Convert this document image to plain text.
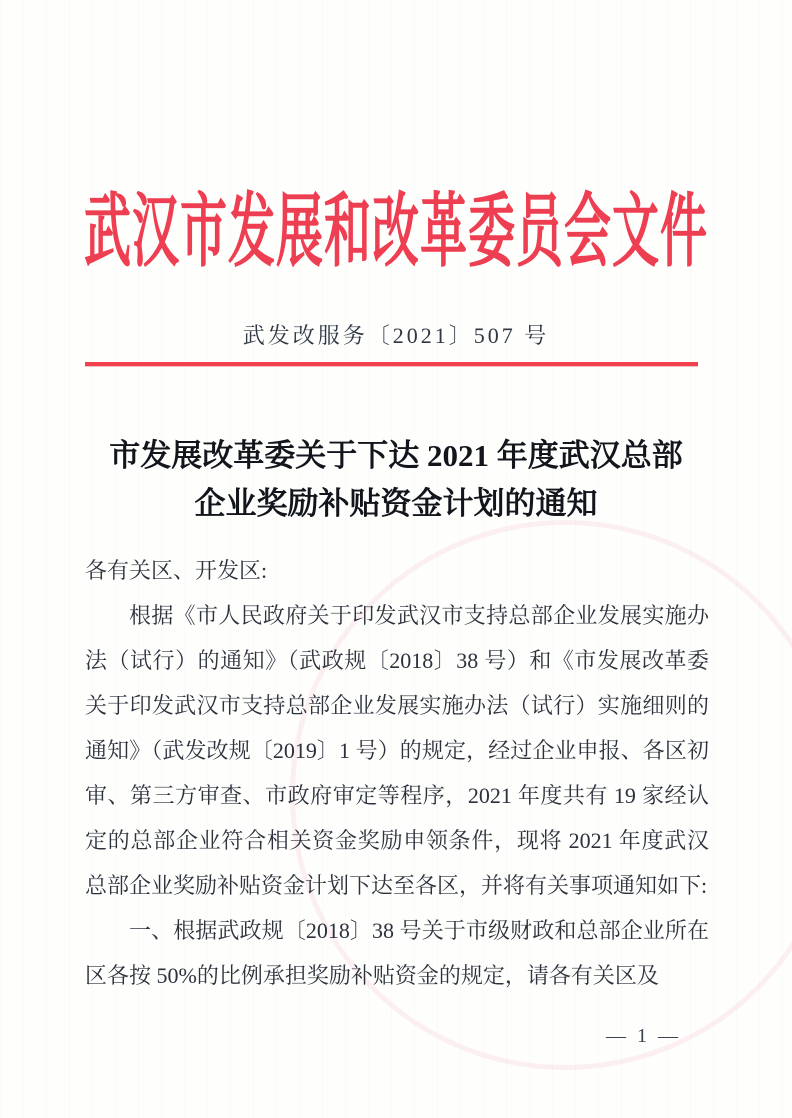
武汉市发展和改革委员会文件
武发改服务〔2021〕507 号
市发展改革委关于下达 2021 年度武汉总部
企业奖励补贴资金计划的通知

各有关区、开发区:

根据《市人民政府关于印发武汉市支持总部企业发展实施办法（试行）的通知》（武政规〔2018〕38 号）和《市发展改革委关于印发武汉市支持总部企业发展实施办法（试行）实施细则的通知》（武发改规〔2019〕1 号）的规定，经过企业申报、各区初审、第三方审查、市政府审定等程序，2021 年度共有 19 家经认定的总部企业符合相关资金奖励申领条件，现将 2021 年度武汉总部企业奖励补贴资金计划下达至各区，并将有关事项通知如下:

一、根据武政规〔2018〕38 号关于市级财政和总部企业所在区各按 50%的比例承担奖励补贴资金的规定，请各有关区及

— 1 —
